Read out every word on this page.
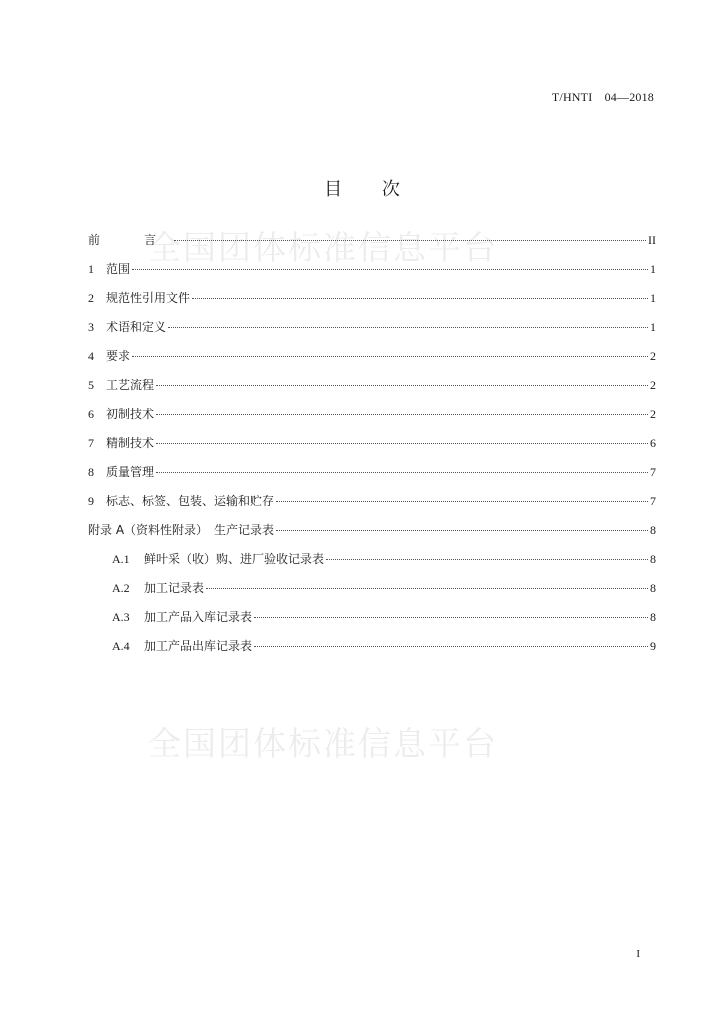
T/HNTI　04—2018
目 次
全国团体标准信息平台
全国团体标准信息平台
前　言	II
1	范围	1
2	规范性引用文件	1
3	术语和定义	1
4	要求	2
5	工艺流程	2
6	初制技术	2
7	精制技术	6
8	质量管理	7
9	标志、标签、包装、运输和贮存	7
附录 A（资料性附录）　生产记录表	8
A.1	鲜叶采（收）购、进厂验收记录表	8
A.2	加工记录表	8
A.3	加工产品入库记录表	8
A.4	加工产品出库记录表	9
I
